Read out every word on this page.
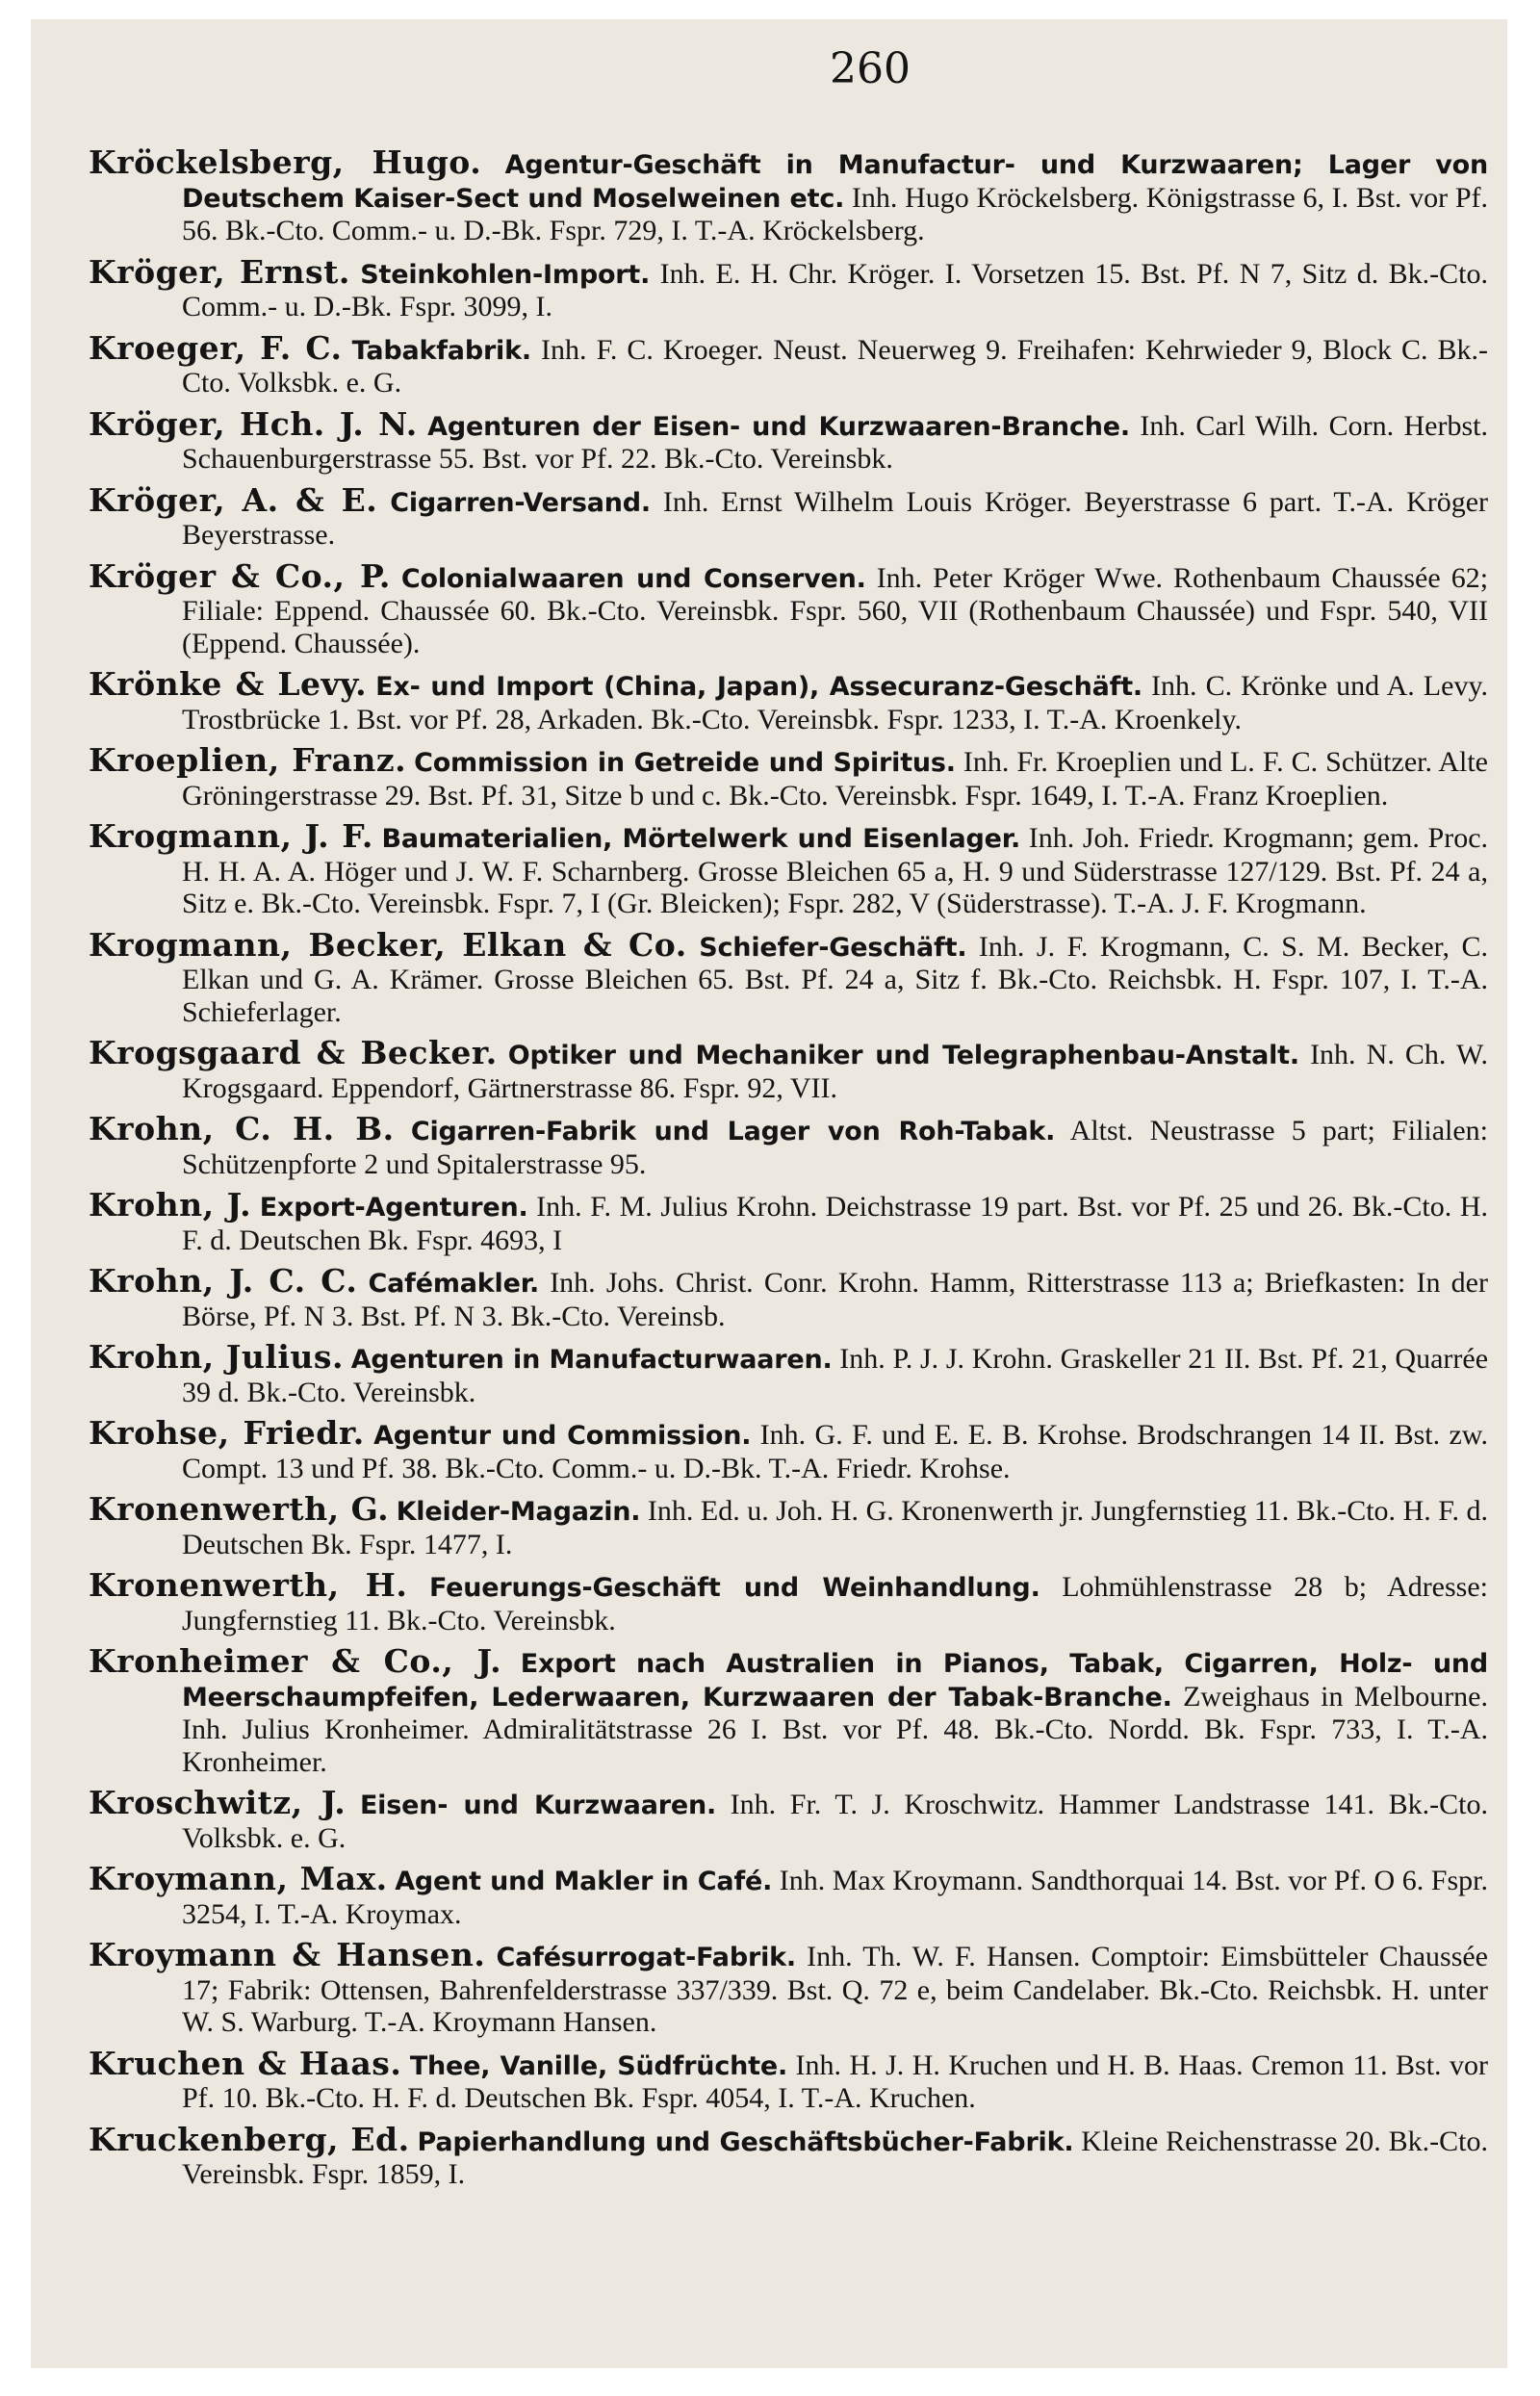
260

Kröckelsberg, Hugo. Agentur-Geschäft in Manufactur- und Kurzwaaren; Lager von Deutschem Kaiser-Sect und Moselweinen etc. Inh. Hugo Kröckelsberg. Königstrasse 6, I. Bst. vor Pf. 56. Bk.-Cto. Comm.- u. D.-Bk. Fspr. 729, I. T.-A. Kröckelsberg.

Kröger, Ernst. Steinkohlen-Import. Inh. E. H. Chr. Kröger. I. Vorsetzen 15. Bst. Pf. N 7, Sitz d. Bk.-Cto. Comm.- u. D.-Bk. Fspr. 3099, I.

Kroeger, F. C. Tabakfabrik. Inh. F. C. Kroeger. Neust. Neuerweg 9. Freihafen: Kehrwieder 9, Block C. Bk.-Cto. Volksbk. e. G.

Kröger, Hch. J. N. Agenturen der Eisen- und Kurzwaaren-Branche. Inh. Carl Wilh. Corn. Herbst. Schauenburgerstrasse 55. Bst. vor Pf. 22. Bk.-Cto. Vereinsbk.

Kröger, A. & E. Cigarren-Versand. Inh. Ernst Wilhelm Louis Kröger. Beyerstrasse 6 part. T.-A. Kröger Beyerstrasse.

Kröger & Co., P. Colonialwaaren und Conserven. Inh. Peter Kröger Wwe. Rothenbaum Chaussée 62; Filiale: Eppend. Chaussée 60. Bk.-Cto. Vereinsbk. Fspr. 560, VII (Rothenbaum Chaussée) und Fspr. 540, VII (Eppend. Chaussée).

Krönke & Levy. Ex- und Import (China, Japan), Assecuranz-Geschäft. Inh. C. Krönke und A. Levy. Trostbrücke 1. Bst. vor Pf. 28, Arkaden. Bk.-Cto. Vereinsbk. Fspr. 1233, I. T.-A. Kroenkely.

Kroeplien, Franz. Commission in Getreide und Spiritus. Inh. Fr. Kroeplien und L. F. C. Schützer. Alte Gröningerstrasse 29. Bst. Pf. 31, Sitze b und c. Bk.-Cto. Vereinsbk. Fspr. 1649, I. T.-A. Franz Kroeplien.

Krogmann, J. F. Baumaterialien, Mörtelwerk und Eisenlager. Inh. Joh. Friedr. Krogmann; gem. Proc. H. H. A. A. Höger und J. W. F. Scharnberg. Grosse Bleichen 65 a, H. 9 und Süderstrasse 127/129. Bst. Pf. 24 a, Sitz e. Bk.-Cto. Vereinsbk. Fspr. 7, I (Gr. Bleicken); Fspr. 282, V (Süderstrasse). T.-A. J. F. Krogmann.

Krogmann, Becker, Elkan & Co. Schiefer-Geschäft. Inh. J. F. Krogmann, C. S. M. Becker, C. Elkan und G. A. Krämer. Grosse Bleichen 65. Bst. Pf. 24 a, Sitz f. Bk.-Cto. Reichsbk. H. Fspr. 107, I. T.-A. Schieferlager.

Krogsgaard & Becker. Optiker und Mechaniker und Telegraphenbau-Anstalt. Inh. N. Ch. W. Krogsgaard. Eppendorf, Gärtnerstrasse 86. Fspr. 92, VII.

Krohn, C. H. B. Cigarren-Fabrik und Lager von Roh-Tabak. Altst. Neustrasse 5 part; Filialen: Schützenpforte 2 und Spitalerstrasse 95.

Krohn, J. Export-Agenturen. Inh. F. M. Julius Krohn. Deichstrasse 19 part. Bst. vor Pf. 25 und 26. Bk.-Cto. H. F. d. Deutschen Bk. Fspr. 4693, I

Krohn, J. C. C. Cafémakler. Inh. Johs. Christ. Conr. Krohn. Hamm, Ritterstrasse 113 a; Briefkasten: In der Börse, Pf. N 3. Bst. Pf. N 3. Bk.-Cto. Vereinsb.

Krohn, Julius. Agenturen in Manufacturwaaren. Inh. P. J. J. Krohn. Graskeller 21 II. Bst. Pf. 21, Quarrée 39 d. Bk.-Cto. Vereinsbk.

Krohse, Friedr. Agentur und Commission. Inh. G. F. und E. E. B. Krohse. Brodschrangen 14 II. Bst. zw. Compt. 13 und Pf. 38. Bk.-Cto. Comm.- u. D.-Bk. T.-A. Friedr. Krohse.

Kronenwerth, G. Kleider-Magazin. Inh. Ed. u. Joh. H. G. Kronenwerth jr. Jungfernstieg 11. Bk.-Cto. H. F. d. Deutschen Bk. Fspr. 1477, I.

Kronenwerth, H. Feuerungs-Geschäft und Weinhandlung. Lohmühlenstrasse 28 b; Adresse: Jungfernstieg 11. Bk.-Cto. Vereinsbk.

Kronheimer & Co., J. Export nach Australien in Pianos, Tabak, Cigarren, Holz- und Meerschaumpfeifen, Lederwaaren, Kurzwaaren der Tabak-Branche. Zweighaus in Melbourne. Inh. Julius Kronheimer. Admiralitätstrasse 26 I. Bst. vor Pf. 48. Bk.-Cto. Nordd. Bk. Fspr. 733, I. T.-A. Kronheimer.

Kroschwitz, J. Eisen- und Kurzwaaren. Inh. Fr. T. J. Kroschwitz. Hammer Landstrasse 141. Bk.-Cto. Volksbk. e. G.

Kroymann, Max. Agent und Makler in Café. Inh. Max Kroymann. Sandthorquai 14. Bst. vor Pf. O 6. Fspr. 3254, I. T.-A. Kroymax.

Kroymann & Hansen. Cafésurrogat-Fabrik. Inh. Th. W. F. Hansen. Comptoir: Eimsbütteler Chaussée 17; Fabrik: Ottensen, Bahrenfelderstrasse 337/339. Bst. Q. 72 e, beim Candelaber. Bk.-Cto. Reichsbk. H. unter W. S. Warburg. T.-A. Kroymann Hansen.

Kruchen & Haas. Thee, Vanille, Südfrüchte. Inh. H. J. H. Kruchen und H. B. Haas. Cremon 11. Bst. vor Pf. 10. Bk.-Cto. H. F. d. Deutschen Bk. Fspr. 4054, I. T.-A. Kruchen.

Kruckenberg, Ed. Papierhandlung und Geschäftsbücher-Fabrik. Kleine Reichenstrasse 20. Bk.-Cto. Vereinsbk. Fspr. 1859, I.
